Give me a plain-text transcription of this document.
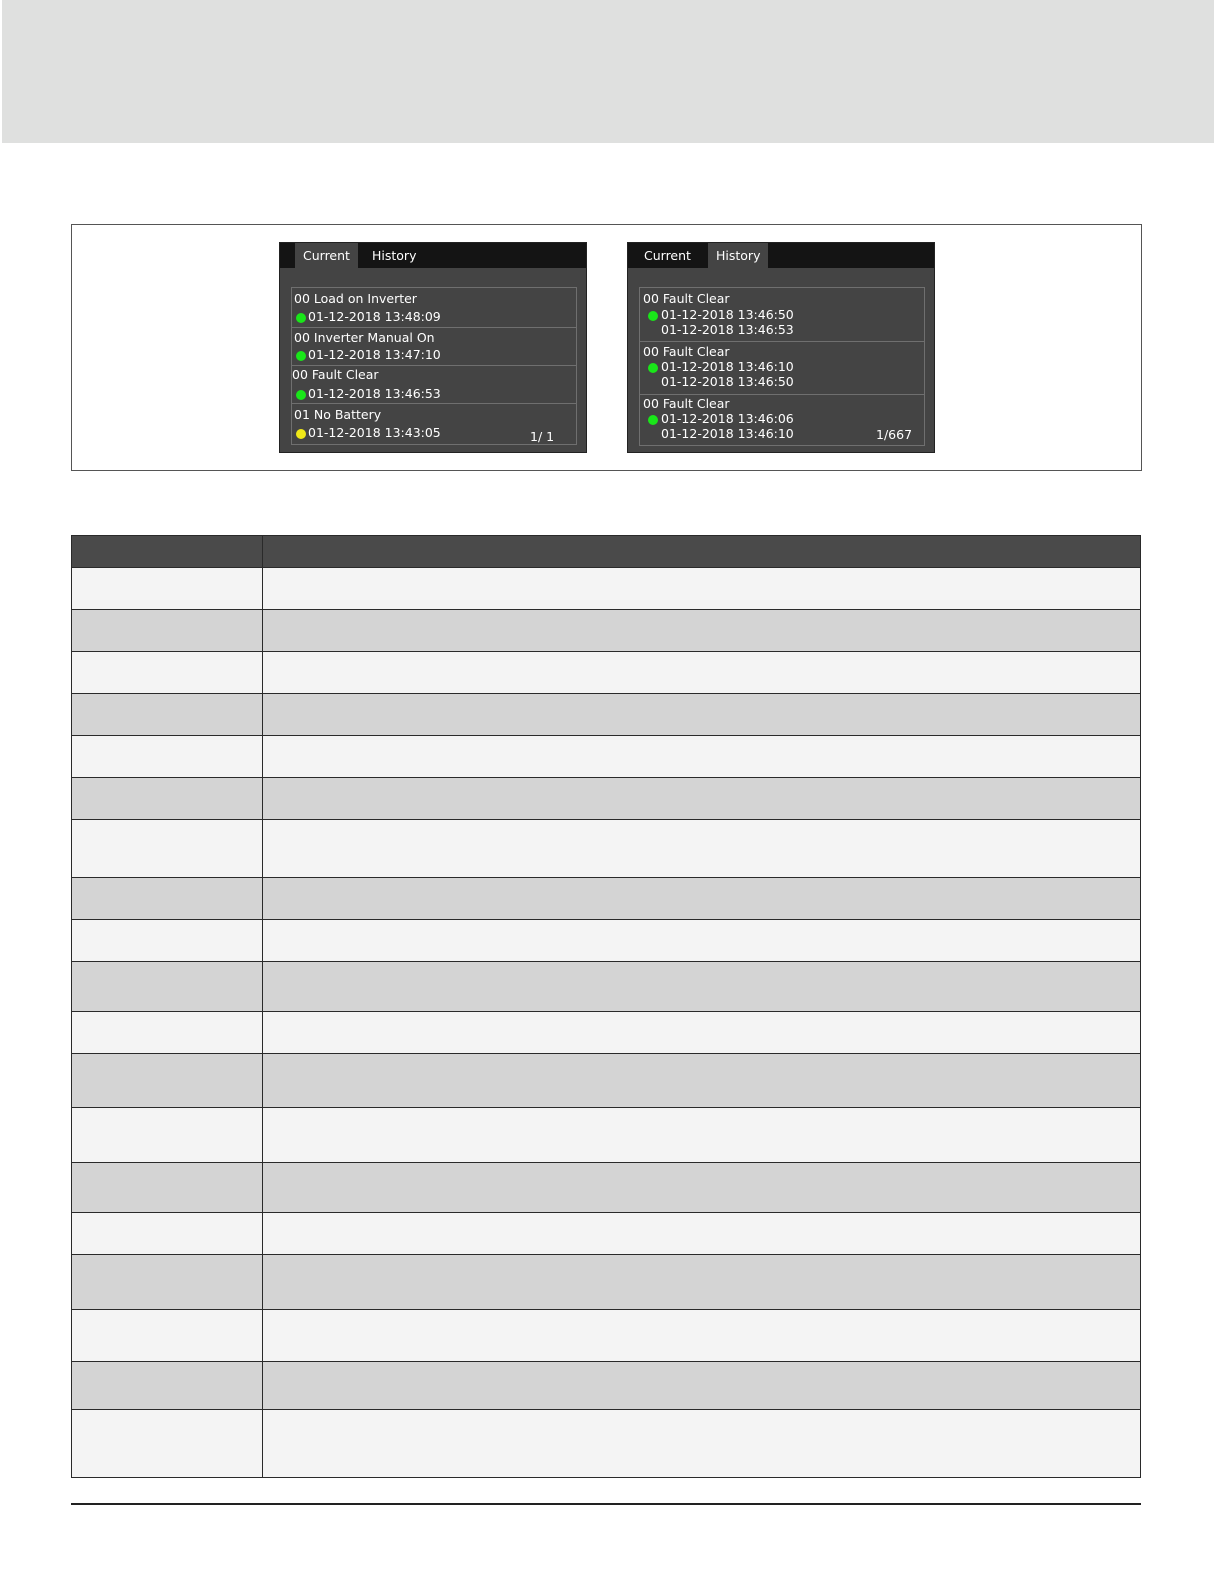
Current	History
00 Load on Inverter
01-12-2018 13:48:09
00 Inverter Manual On
01-12-2018 13:47:10
00 Fault Clear
01-12-2018 13:46:53
01 No Battery
01-12-2018 13:43:05	1/ 1
Current	History
00 Fault Clear
01-12-2018 13:46:50
01-12-2018 13:46:53
00 Fault Clear
01-12-2018 13:46:10
01-12-2018 13:46:50
00 Fault Clear
01-12-2018 13:46:06
01-12-2018 13:46:10	1/667
